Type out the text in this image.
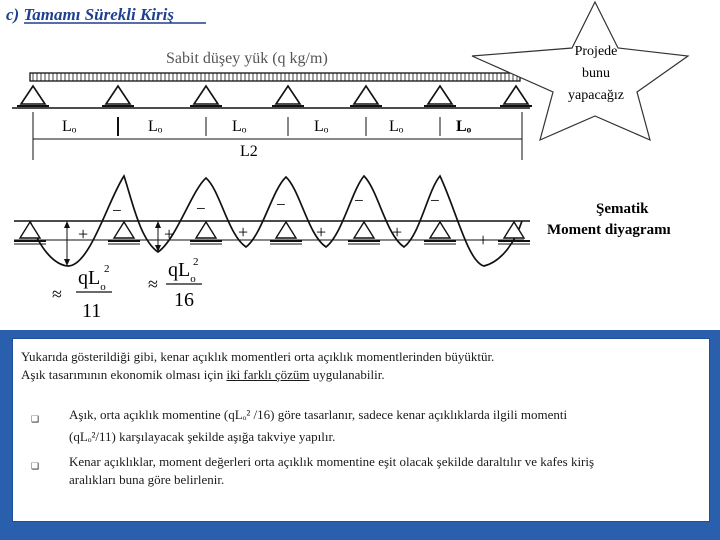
c) Tamamı Sürekli Kiriş
Sabit düşey yük (q kg/m)
Lₒ	Lₒ	Lₒ	Lₒ	Lₒ	Lₒ
L2
−	−	−	−	−
+	+	+	+	+	+
≈
$qL_o$
2
11
≈
$qL_o$
2
16
Şematik
Moment diyagramı
Projede
bunu
yapacağız
Yukarıda gösterildiği gibi, kenar açıklık momentleri orta açıklık momentlerinden büyüktür.
Aşık tasarımının ekonomik olması için iki farklı çözüm uygulanabilir.
❑ Aşık, orta açıklık momentine (qLₒ² /16) göre tasarlanır, sadece kenar açıklıklarda ilgili momenti
(qLₒ²/11) karşılayacak şekilde aşığa takviye yapılır.
❑ Kenar açıklıklar, moment değerleri orta açıklık momentine eşit olacak şekilde daraltılır ve kafes kiriş
aralıkları buna göre belirlenir.
